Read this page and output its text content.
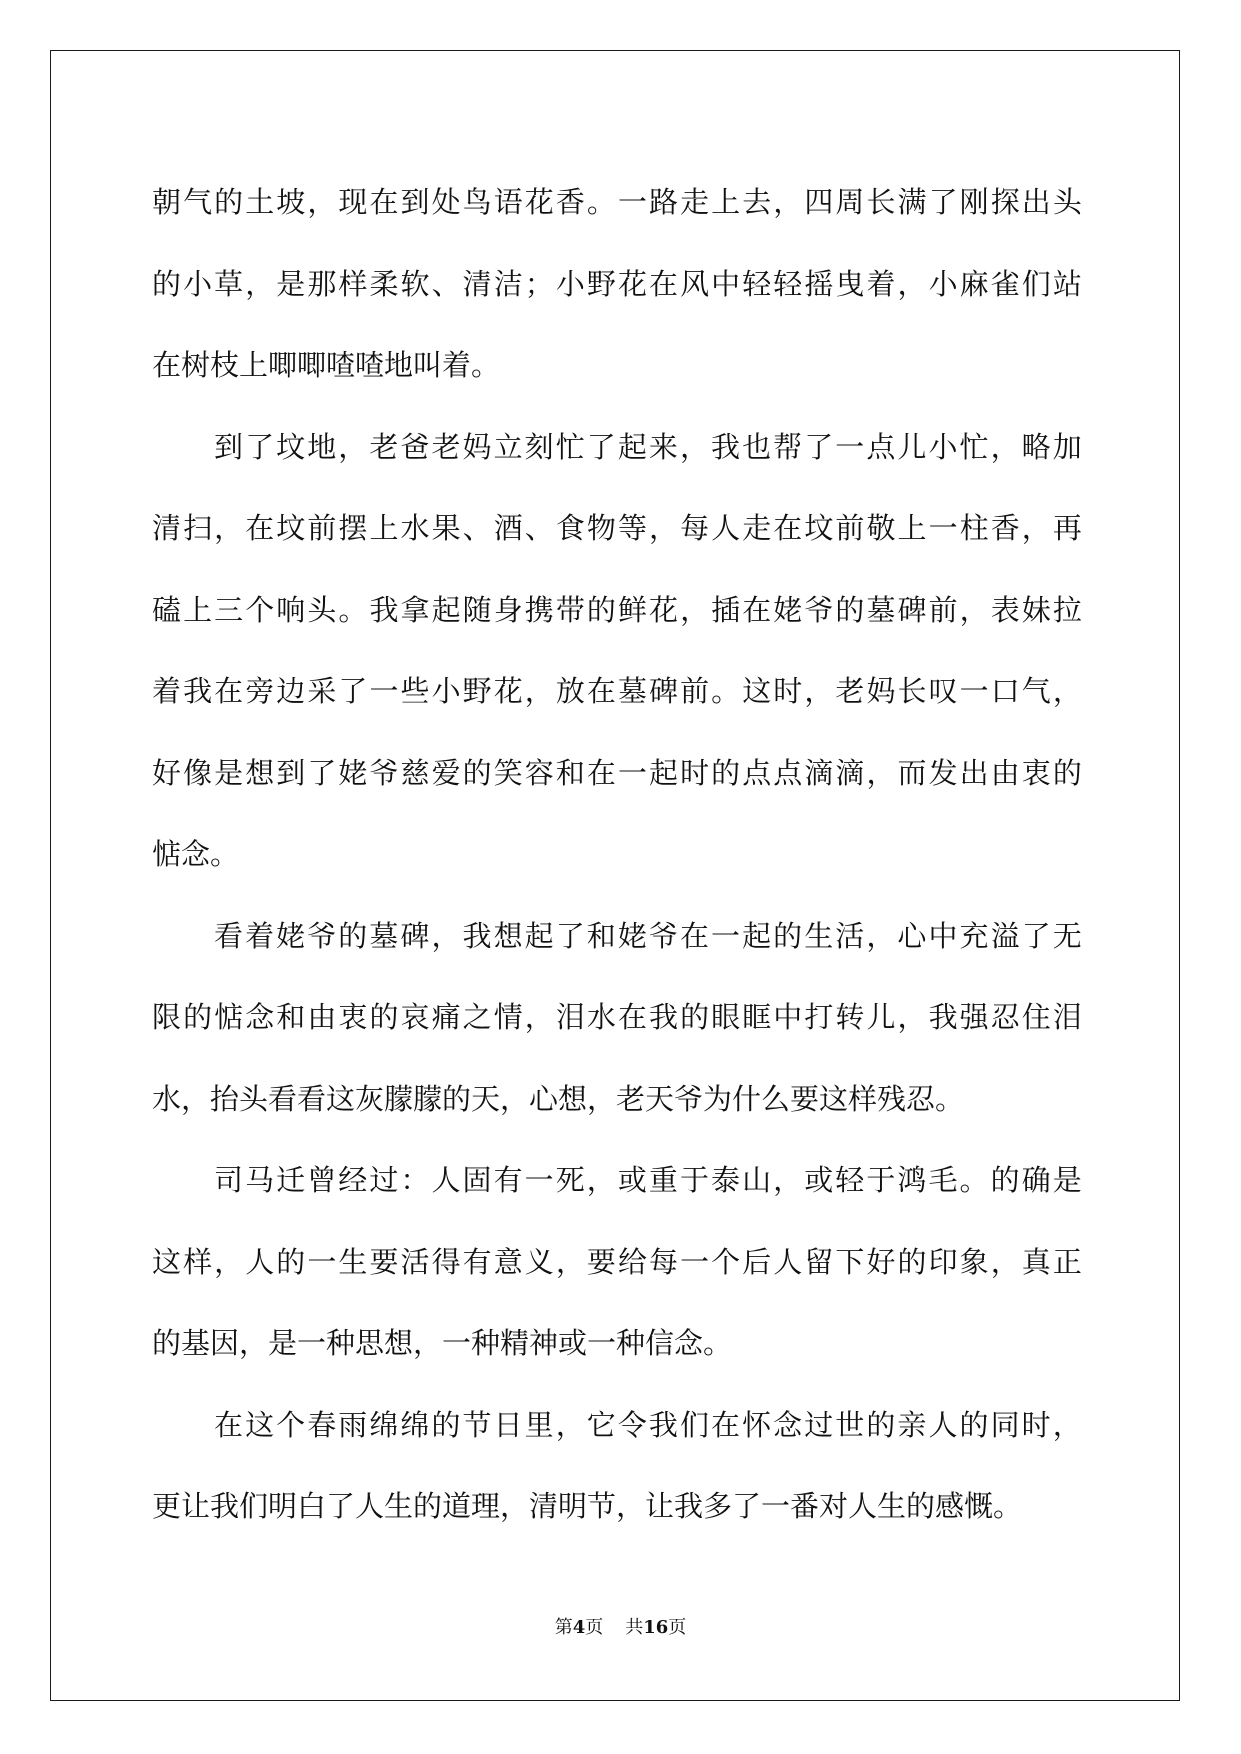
朝 气 的 土 坡 ， 现 在 到 处 鸟 语 花 香 。 一 路 走 上 去 ， 四 周 长 满 了 刚 探 出 头
的 小 草 ， 是 那 样 柔 软 、 清 洁 ； 小 野 花 在 风 中 轻 轻 摇 曳 着 ， 小 麻 雀 们 站
在树枝上唧唧喳喳地叫着。
到 了 坟 地 ， 老 爸 老 妈 立 刻 忙 了 起 来 ， 我 也 帮 了 一 点 儿 小 忙 ， 略 加
清 扫 ， 在 坟 前 摆 上 水 果 、 酒 、 食 物 等 ， 每 人 走 在 坟 前 敬 上 一 柱 香 ， 再
磕 上 三 个 响 头 。 我 拿 起 随 身 携 带 的 鲜 花 ， 插 在 姥 爷 的 墓 碑 前 ， 表 妹 拉
着 我 在 旁 边 采 了 一 些 小 野 花 ， 放 在 墓 碑 前 。 这 时 ， 老 妈 长 叹 一 口 气 ，
好 像 是 想 到 了 姥 爷 慈 爱 的 笑 容 和 在 一 起 时 的 点 点 滴 滴 ， 而 发 出 由 衷 的
惦念。
看 着 姥 爷 的 墓 碑 ， 我 想 起 了 和 姥 爷 在 一 起 的 生 活 ， 心 中 充 溢 了 无
限 的 惦 念 和 由 衷 的 哀 痛 之 情 ， 泪 水 在 我 的 眼 眶 中 打 转 儿 ， 我 强 忍 住 泪
水，抬头看看这灰朦朦的天，心想，老天爷为什么要这样残忍。
司 马 迁 曾 经 过 ： 人 固 有 一 死 ， 或 重 于 泰 山 ， 或 轻 于 鸿 毛 。 的 确 是
这 样 ， 人 的 一 生 要 活 得 有 意 义 ， 要 给 每 一 个 后 人 留 下 好 的 印 象 ， 真 正
的基因，是一种思想，一种精神或一种信念。
在 这 个 春 雨 绵 绵 的 节 日 里 ， 它 令 我 们 在 怀 念 过 世 的 亲 人 的 同 时 ，
更让我们明白了人生的道理，清明节，让我多了一番对人生的感慨。
第4页 共16页
